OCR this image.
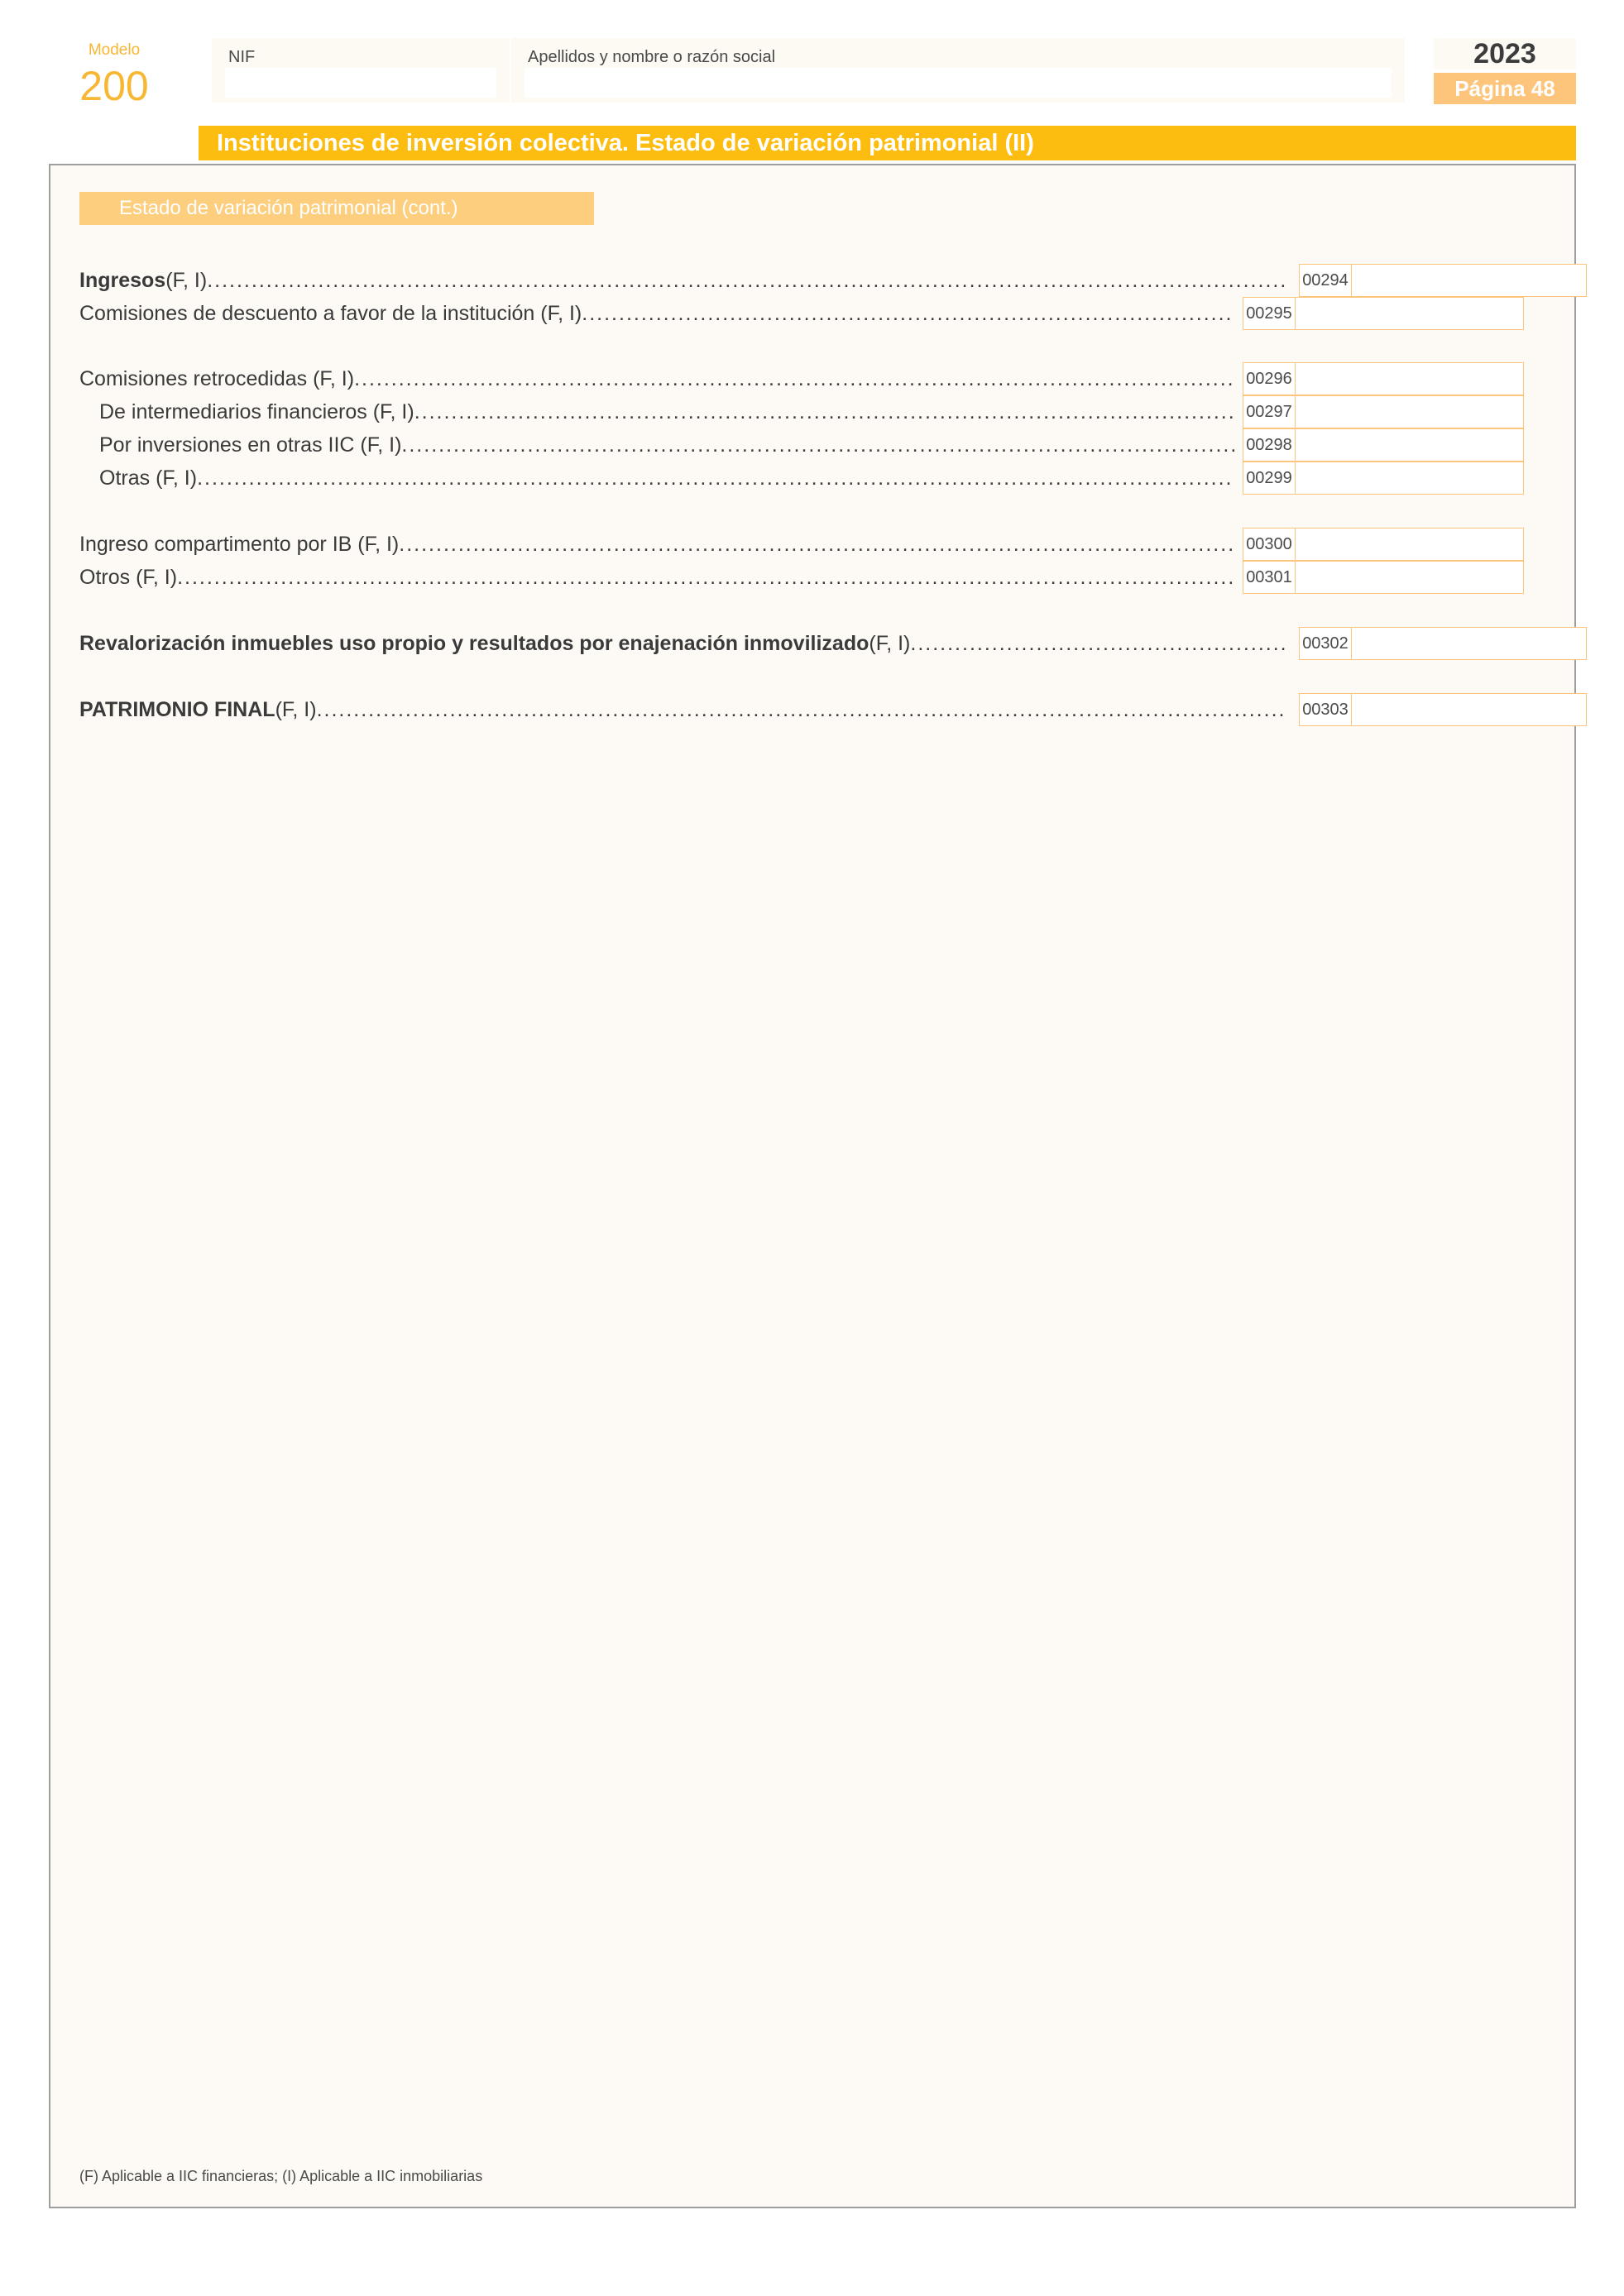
Modelo
200
NIF	Apellidos y nombre o razón social	2023
Página 48
Instituciones de inversión colectiva. Estado de variación patrimonial (II)
Estado de variación patrimonial (cont.)
Ingresos (F, I) .....	00294
Comisiones de descuento a favor de la institución (F, I) .....	00295
Comisiones retrocedidas (F, I) .....	00296
De intermediarios financieros (F, I) .....	00297
Por inversiones en otras IIC (F, I) .....	00298
Otras (F, I) .....	00299
Ingreso compartimento por IB (F, I) .....	00300
Otros (F, I) .....	00301
Revalorización inmuebles uso propio y resultados por enajenación inmovilizado (F, I) .....	00302
PATRIMONIO FINAL (F, I) .....	00303
(F) Aplicable a IIC financieras; (I) Aplicable a IIC inmobiliarias
